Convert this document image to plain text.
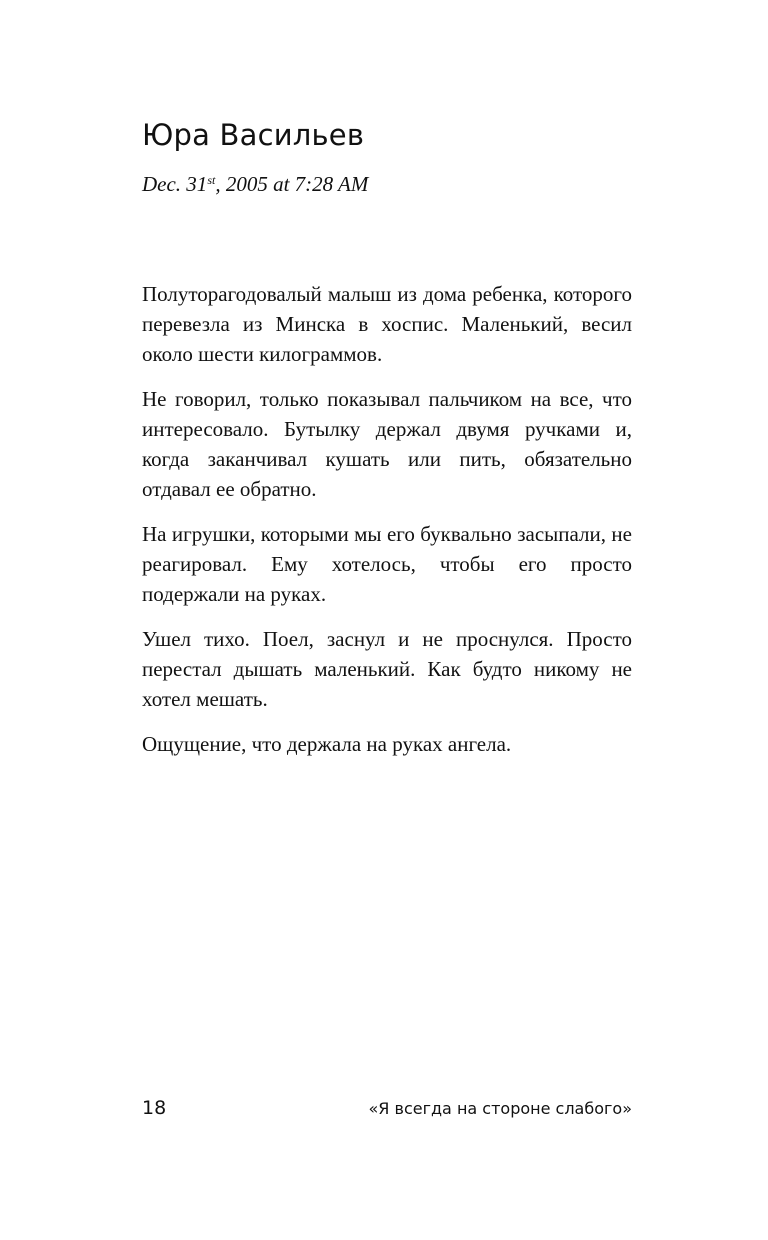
Юра Васильев
Dec. 31st, 2005 at 7:28 AM

Полуторагодовалый малыш из дома ребенка, которого перевезла из Минска в хоспис. Маленький, весил около шести килограммов.

Не говорил, только показывал пальчиком на все, что интересовало. Бутылку держал двумя ручками и, когда заканчивал кушать или пить, обязательно отдавал ее обратно.

На игрушки, которыми мы его буквально засыпали, не реагировал. Ему хотелось, чтобы его просто подержали на руках.

Ушел тихо. Поел, заснул и не проснулся. Просто перестал дышать маленький. Как будто никому не хотел мешать.

Ощущение, что держала на руках ангела.

18	«Я всегда на стороне слабого»
